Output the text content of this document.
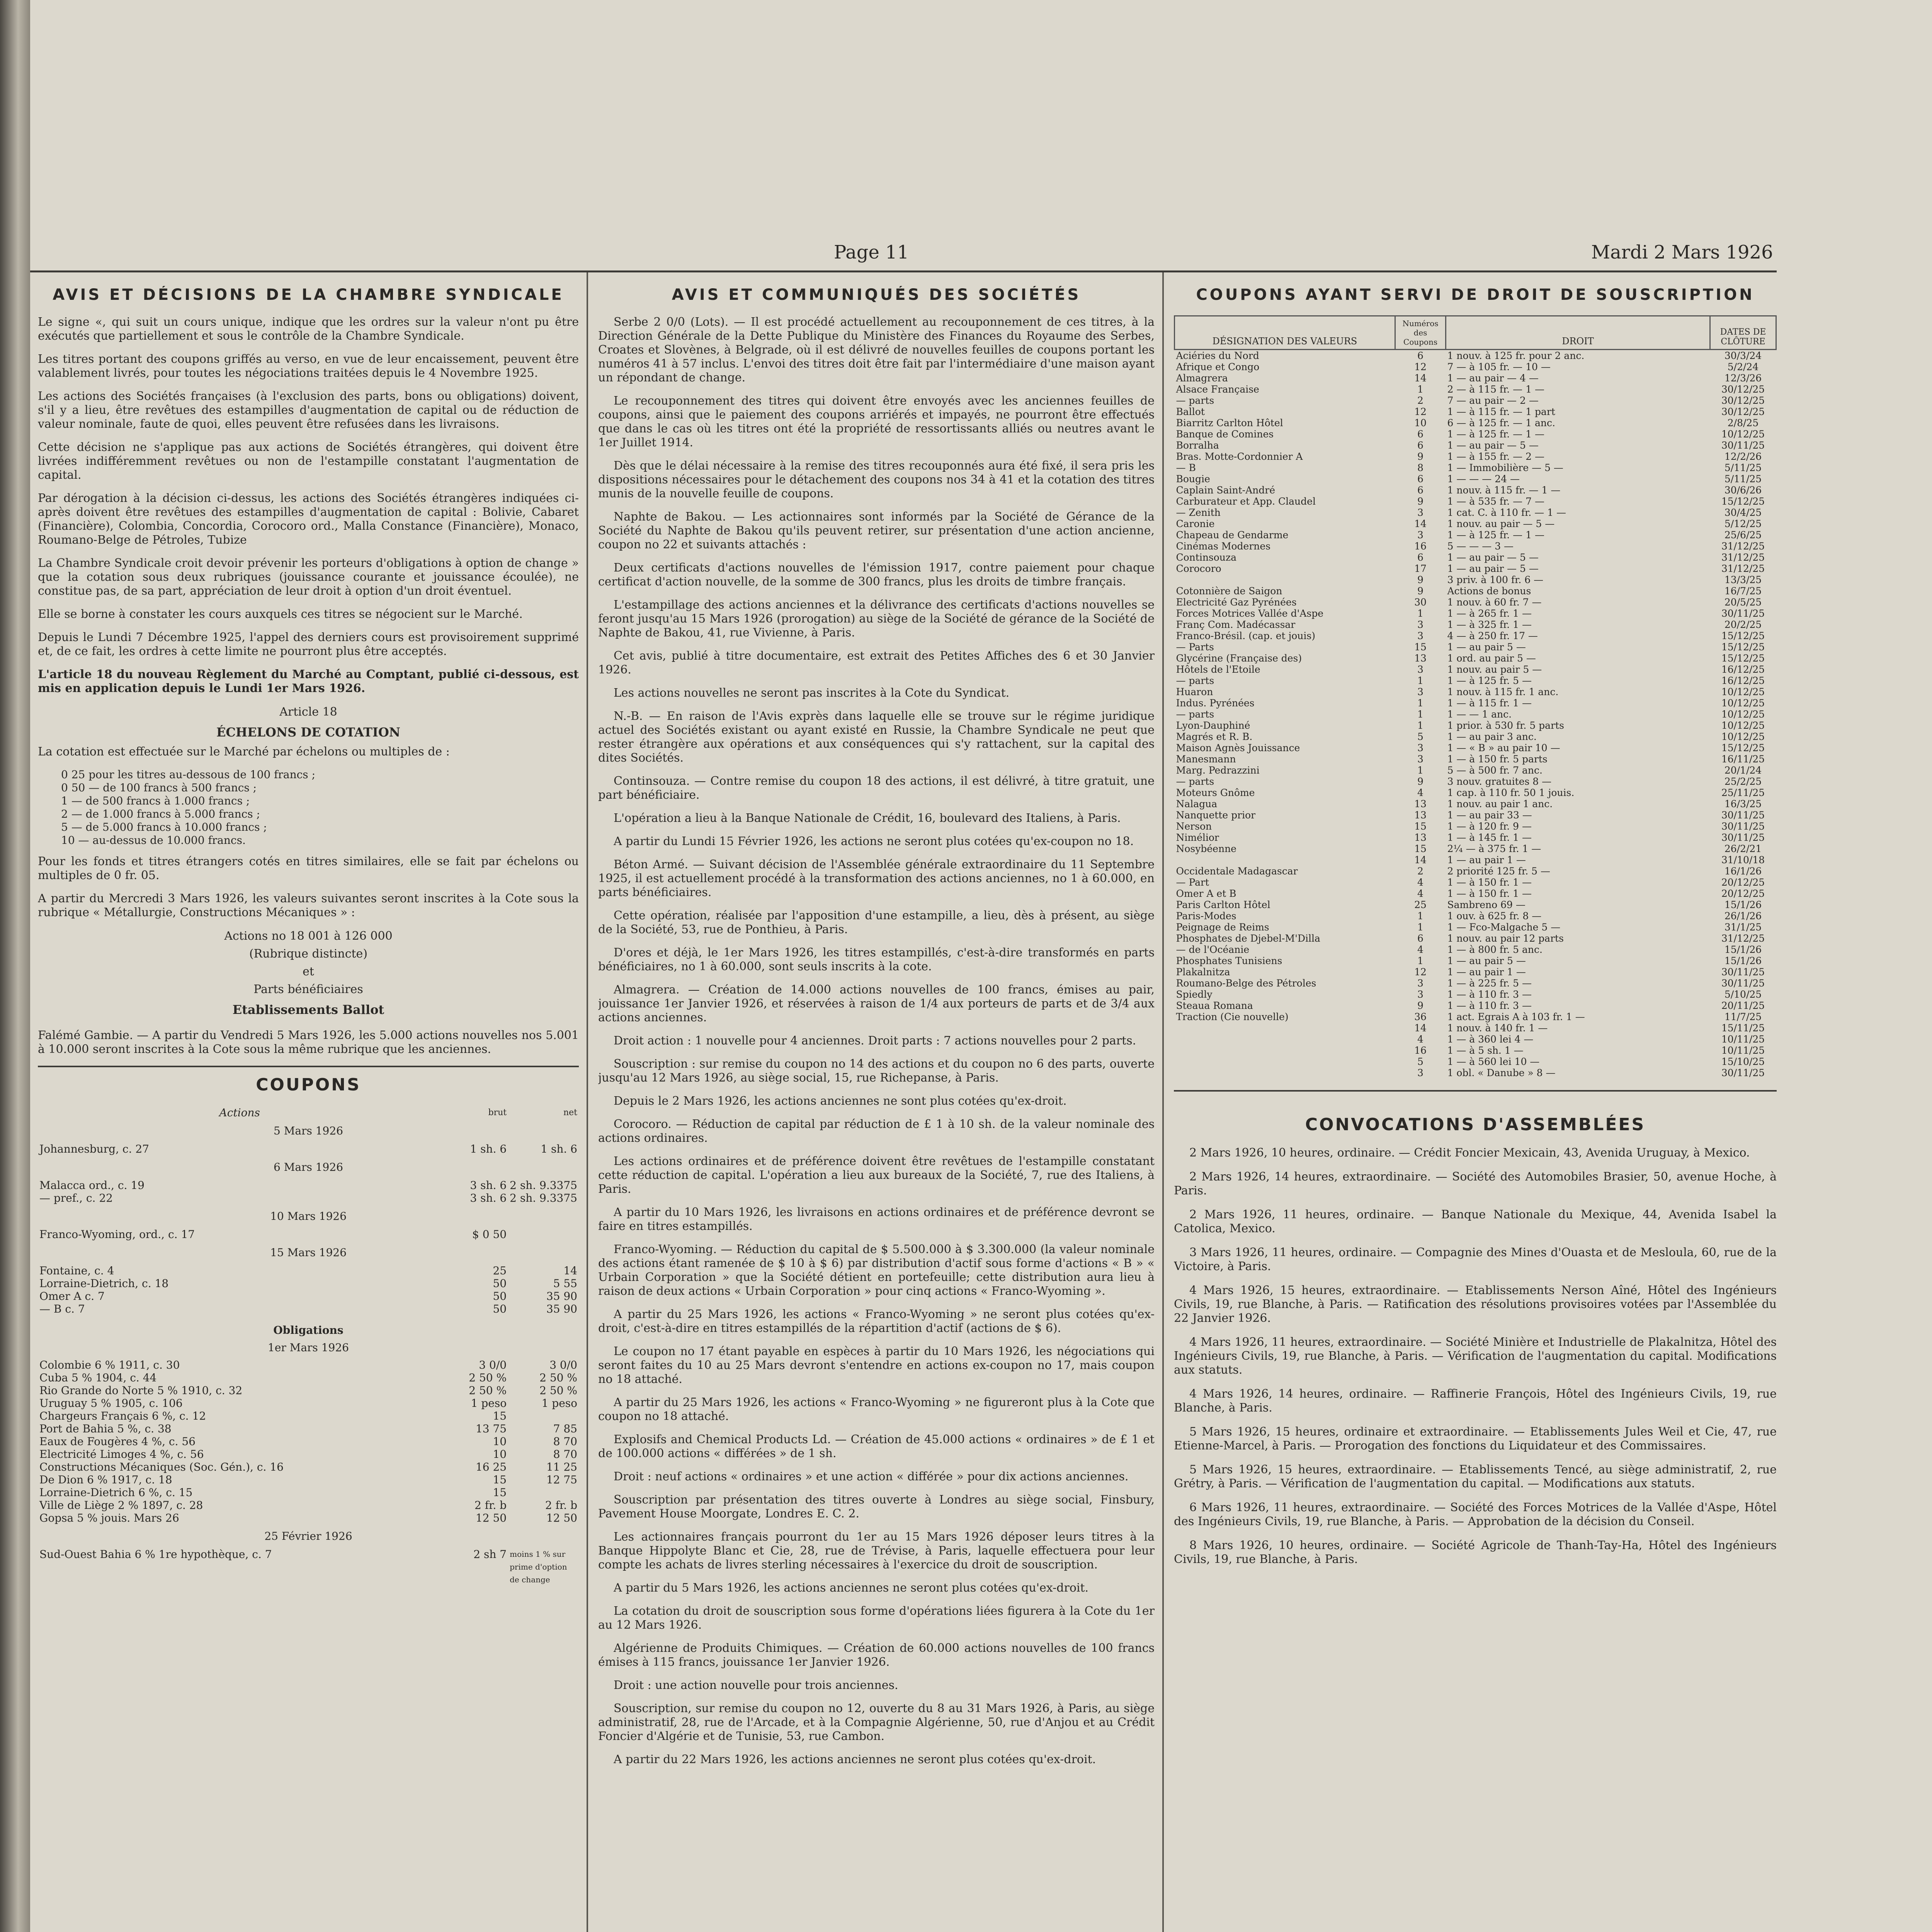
Page 11	Mardi 2 Mars 1926
AVIS ET DÉCISIONS DE LA CHAMBRE SYNDICALE

Le signe «, qui suit un cours unique, indique que les ordres sur la valeur n'ont pu être exécutés que partiellement et sous le contrôle de la Chambre Syndicale.

Les titres portant des coupons griffés au verso, en vue de leur encaissement, peuvent être valablement livrés, pour toutes les négociations traitées depuis le 4 Novembre 1925.

Les actions des Sociétés françaises (à l'exclusion des parts, bons ou obligations) doivent, s'il y a lieu, être revêtues des estampilles d'augmentation de capital ou de réduction de valeur nominale, faute de quoi, elles peuvent être refusées dans les livraisons.

Cette décision ne s'applique pas aux actions de Sociétés étrangères, qui doivent être livrées indifféremment revêtues ou non de l'estampille constatant l'augmentation de capital.

Par dérogation à la décision ci-dessus, les actions des Sociétés étrangères indiquées ci-après doivent être revêtues des estampilles d'augmentation de capital : Bolivie, Cabaret (Financière), Colombia, Concordia, Corocoro ord., Malla Constance (Financière), Monaco, Roumano-Belge de Pétroles, Tubize

La Chambre Syndicale croit devoir prévenir les porteurs d'obligations à option de change » que la cotation sous deux rubriques (jouissance courante et jouissance écoulée), ne constitue pas, de sa part, appréciation de leur droit à option d'un droit éventuel.

Elle se borne à constater les cours auxquels ces titres se négocient sur le Marché.

Depuis le Lundi 7 Décembre 1925, l'appel des derniers cours est provisoirement supprimé et, de ce fait, les ordres à cette limite ne pourront plus être acceptés.

L'article 18 du nouveau Règlement du Marché au Comptant, publié ci-dessous, est mis en application depuis le Lundi 1er Mars 1926.

Article 18
ÉCHELONS DE COTATION

La cotation est effectuée sur le Marché par échelons ou multiples de :

0 25 pour les titres au-dessous de 100 francs ;
0 50 — de 100 francs à 500 francs ;
1 — de 500 francs à 1.000 francs ;
2 — de 1.000 francs à 5.000 francs ;
5 — de 5.000 francs à 10.000 francs ;
10 — au-dessus de 10.000 francs.

Pour les fonds et titres étrangers cotés en titres similaires, elle se fait par échelons ou multiples de 0 fr. 05.

A partir du Mercredi 3 Mars 1926, les valeurs suivantes seront inscrites à la Cote sous la rubrique « Métallurgie, Constructions Mécaniques » :

Actions no 18 001 à 126 000
(Rubrique distincte)
et
Parts bénéficiaires
Etablissements Ballot

Falémé Gambie. — A partir du Vendredi 5 Mars 1926, les 5.000 actions nouvelles nos 5.001 à 10.000 seront inscrites à la Cote sous la même rubrique que les anciennes.

COUPONS
Actions	brut	net
5 Mars 1926		
Johannesburg, c. 27	1 sh. 6	1 sh. 6
6 Mars 1926		
Malacca ord., c. 19	3 sh. 6	2 sh. 9.3375
— pref., c. 22	3 sh. 6	2 sh. 9.3375
10 Mars 1926		
Franco-Wyoming, ord., c. 17	$ 0 50	
15 Mars 1926		
Fontaine, c. 4	25	14
Lorraine-Dietrich, c. 18	50	5 55
Omer A c. 7	50	35 90
— B c. 7	50	35 90
Obligations		
1er Mars 1926		
Colombie 6 % 1911, c. 30	3 0/0	3 0/0
Cuba 5 % 1904, c. 44	2 50 %	2 50 %
Rio Grande do Norte 5 % 1910, c. 32	2 50 %	2 50 %
Uruguay 5 % 1905, c. 106	1 peso	1 peso
Chargeurs Français 6 %, c. 12	15	
Port de Bahia 5 %, c. 38	13 75	7 85
Eaux de Fougères 4 %, c. 56	10	8 70
Electricité Limoges 4 %, c. 56	10	8 70
Constructions Mécaniques (Soc. Gén.), c. 16	16 25	11 25
De Dion 6 % 1917, c. 18	15	12 75
Lorraine-Dietrich 6 %, c. 15	15	
Ville de Liège 2 % 1897, c. 28	2 fr. b	2 fr. b
Gopsa 5 % jouis. Mars 26	12 50	12 50
25 Février 1926		
Sud-Ouest Bahia 6 % 1re hypothèque, c. 7	2 sh 7	moins 1 % sur prime d'option de change
AVIS ET COMMUNIQUÉS DES SOCIÉTÉS

Serbe 2 0/0 (Lots). — Il est procédé actuellement au recouponnement de ces titres, à la Direction Générale de la Dette Publique du Ministère des Finances du Royaume des Serbes, Croates et Slovènes, à Belgrade, où il est délivré de nouvelles feuilles de coupons portant les numéros 41 à 57 inclus. L'envoi des titres doit être fait par l'intermédiaire d'une maison ayant un répondant de change.

Le recouponnement des titres qui doivent être envoyés avec les anciennes feuilles de coupons, ainsi que le paiement des coupons arriérés et impayés, ne pourront être effectués que dans le cas où les titres ont été la propriété de ressortissants alliés ou neutres avant le 1er Juillet 1914.

Dès que le délai nécessaire à la remise des titres recouponnés aura été fixé, il sera pris les dispositions nécessaires pour le détachement des coupons nos 34 à 41 et la cotation des titres munis de la nouvelle feuille de coupons.

Naphte de Bakou. — Les actionnaires sont informés par la Société de Gérance de la Société du Naphte de Bakou qu'ils peuvent retirer, sur présentation d'une action ancienne, coupon no 22 et suivants attachés :

Deux certificats d'actions nouvelles de l'émission 1917, contre paiement pour chaque certificat d'action nouvelle, de la somme de 300 francs, plus les droits de timbre français.

L'estampillage des actions anciennes et la délivrance des certificats d'actions nouvelles se feront jusqu'au 15 Mars 1926 (prorogation) au siège de la Société de gérance de la Société de Naphte de Bakou, 41, rue Vivienne, à Paris.

Cet avis, publié à titre documentaire, est extrait des Petites Affiches des 6 et 30 Janvier 1926.

Les actions nouvelles ne seront pas inscrites à la Cote du Syndicat.

N.-B. — En raison de l'Avis exprès dans laquelle elle se trouve sur le régime juridique actuel des Sociétés existant ou ayant existé en Russie, la Chambre Syndicale ne peut que rester étrangère aux opérations et aux conséquences qui s'y rattachent, sur la capital des dites Sociétés.

Continsouza. — Contre remise du coupon 18 des actions, il est délivré, à titre gratuit, une part bénéficiaire.

L'opération a lieu à la Banque Nationale de Crédit, 16, boulevard des Italiens, à Paris.

A partir du Lundi 15 Février 1926, les actions ne seront plus cotées qu'ex-coupon no 18.

Béton Armé. — Suivant décision de l'Assemblée générale extraordinaire du 11 Septembre 1925, il est actuellement procédé à la transformation des actions anciennes, no 1 à 60.000, en parts bénéficiaires.

Cette opération, réalisée par l'apposition d'une estampille, a lieu, dès à présent, au siège de la Société, 53, rue de Ponthieu, à Paris.

D'ores et déjà, le 1er Mars 1926, les titres estampillés, c'est-à-dire transformés en parts bénéficiaires, no 1 à 60.000, sont seuls inscrits à la cote.

Almagrera. — Création de 14.000 actions nouvelles de 100 francs, émises au pair, jouissance 1er Janvier 1926, et réservées à raison de 1/4 aux porteurs de parts et de 3/4 aux actions anciennes.

Droit action : 1 nouvelle pour 4 anciennes. Droit parts : 7 actions nouvelles pour 2 parts.

Souscription : sur remise du coupon no 14 des actions et du coupon no 6 des parts, ouverte jusqu'au 12 Mars 1926, au siège social, 15, rue Richepanse, à Paris.

Depuis le 2 Mars 1926, les actions anciennes ne sont plus cotées qu'ex-droit.

Corocoro. — Réduction de capital par réduction de £ 1 à 10 sh. de la valeur nominale des actions ordinaires.

Les actions ordinaires et de préférence doivent être revêtues de l'estampille constatant cette réduction de capital. L'opération a lieu aux bureaux de la Société, 7, rue des Italiens, à Paris.

A partir du 10 Mars 1926, les livraisons en actions ordinaires et de préférence devront se faire en titres estampillés.

Franco-Wyoming. — Réduction du capital de $ 5.500.000 à $ 3.300.000 (la valeur nominale des actions étant ramenée de $ 10 à $ 6) par distribution d'actif sous forme d'actions « B » « Urbain Corporation » que la Société détient en portefeuille; cette distribution aura lieu à raison de deux actions « Urbain Corporation » pour cinq actions « Franco-Wyoming ».

A partir du 25 Mars 1926, les actions « Franco-Wyoming » ne seront plus cotées qu'ex-droit, c'est-à-dire en titres estampillés de la répartition d'actif (actions de $ 6).

Le coupon no 17 étant payable en espèces à partir du 10 Mars 1926, les négociations qui seront faites du 10 au 25 Mars devront s'entendre en actions ex-coupon no 17, mais coupon no 18 attaché.

A partir du 25 Mars 1926, les actions « Franco-Wyoming » ne figureront plus à la Cote que coupon no 18 attaché.

Explosifs and Chemical Products Ld. — Création de 45.000 actions « ordinaires » de £ 1 et de 100.000 actions « différées » de 1 sh.

Droit : neuf actions « ordinaires » et une action « différée » pour dix actions anciennes.

Souscription par présentation des titres ouverte à Londres au siège social, Finsbury, Pavement House Moorgate, Londres E. C. 2.

Les actionnaires français pourront du 1er au 15 Mars 1926 déposer leurs titres à la Banque Hippolyte Blanc et Cie, 28, rue de Trévise, à Paris, laquelle effectuera pour leur compte les achats de livres sterling nécessaires à l'exercice du droit de souscription.

A partir du 5 Mars 1926, les actions anciennes ne seront plus cotées qu'ex-droit.

La cotation du droit de souscription sous forme d'opérations liées figurera à la Cote du 1er au 12 Mars 1926.

Algérienne de Produits Chimiques. — Création de 60.000 actions nouvelles de 100 francs émises à 115 francs, jouissance 1er Janvier 1926.

Droit : une action nouvelle pour trois anciennes.

Souscription, sur remise du coupon no 12, ouverte du 8 au 31 Mars 1926, à Paris, au siège administratif, 28, rue de l'Arcade, et à la Compagnie Algérienne, 50, rue d'Anjou et au Crédit Foncier d'Algérie et de Tunisie, 53, rue Cambon.

A partir du 22 Mars 1926, les actions anciennes ne seront plus cotées qu'ex-droit.

COUPONS AYANT SERVI DE DROIT DE SOUSCRIPTION
DÉSIGNATION DES VALEURS	Numéros des Coupons	DROIT	DATES DE CLÔTURE
Aciéries du Nord	6	1 nouv. à 125 fr. pour 2 anc.	30/3/24
Afrique et Congo	12	7 — à 105 fr. — 10 —	5/2/24
Almagrera	14	1 — au pair — 4 —	12/3/26
Alsace Française	1	2 — à 115 fr. — 1 —	30/12/25
— parts	2	7 — au pair — 2 —	30/12/25
Ballot	12	1 — à 115 fr. — 1 part	30/12/25
Biarritz Carlton Hôtel	10	6 — à 125 fr. — 1 anc.	2/8/25
Banque de Comines	6	1 — à 125 fr. — 1 —	10/12/25
Borralha	6	1 — au pair — 5 —	30/11/25
Bras. Motte-Cordonnier A	9	1 — à 155 fr. — 2 —	12/2/26
— B	8	1 — Immobilière — 5 —	5/11/25
Bougie	6	1 — — — 24 —	5/11/25
Caplain Saint-André	6	1 nouv. à 115 fr. — 1 —	30/6/26
Carburateur et App. Claudel	9	1 — à 535 fr. — 7 —	15/12/25
— Zenith	3	1 cat. C. à 110 fr. — 1 —	30/4/25
Caronie	14	1 nouv. au pair — 5 —	5/12/25
Chapeau de Gendarme	3	1 — à 125 fr. — 1 —	25/6/25
Cinémas Modernes	16	5 — — — 3 —	31/12/25
Continsouza	6	1 — au pair — 5 —	31/12/25
Corocoro	17	1 — au pair — 5 —	31/12/25
	9	3 priv. à 100 fr. 6 —	13/3/25
Cotonnière de Saigon	9	Actions de bonus	16/7/25
Electricité Gaz Pyrénées	30	1 nouv. à 60 fr. 7 —	20/5/25
Forces Motrices Vallée d'Aspe	1	1 — à 265 fr. 1 —	30/11/25
Franç Com. Madécassar	3	1 — à 325 fr. 1 —	20/2/25
Franco-Brésil. (cap. et jouis)	3	4 — à 250 fr. 17 —	15/12/25
— Parts	15	1 — au pair 5 —	15/12/25
Glycérine (Française des)	13	1 ord. au pair 5 —	15/12/25
Hôtels de l'Etoile	3	1 nouv. au pair 5 —	16/12/25
— parts	1	1 — à 125 fr. 5 —	16/12/25
Huaron	3	1 nouv. à 115 fr. 1 anc.	10/12/25
Indus. Pyrénées	1	1 — à 115 fr. 1 —	10/12/25
— parts	1	1 — — 1 anc.	10/12/25
Lyon-Dauphiné	1	1 prior. à 530 fr. 5 parts	10/12/25
Magrés et R. B.	5	1 — au pair 3 anc.	10/12/25
Maison Agnès Jouissance	3	1 — « B » au pair 10 —	15/12/25
Manesmann	3	1 — à 150 fr. 5 parts	16/11/25
Marg. Pedrazzini	1	5 — à 500 fr. 7 anc.	20/1/24
— parts	9	3 nouv. gratuites 8 —	25/2/25
Moteurs Gnôme	4	1 cap. à 110 fr. 50 1 jouis.	25/11/25
Nalagua	13	1 nouv. au pair 1 anc.	16/3/25
Nanquette prior	13	1 — au pair 33 —	30/11/25
Nerson	15	1 — à 120 fr. 9 —	30/11/25
Nimélior	13	1 — à 145 fr. 1 —	30/11/25
Nosybéenne	15	2¼ — à 375 fr. 1 —	26/2/21
	14	1 — au pair 1 —	31/10/18
Occidentale Madagascar	2	2 priorité 125 fr. 5 —	16/1/26
— Part	4	1 — à 150 fr. 1 —	20/12/25
Omer A et B	4	1 — à 150 fr. 1 —	20/12/25
Paris Carlton Hôtel	25	Sambreno 69 —	15/1/26
Paris-Modes	1	1 ouv. à 625 fr. 8 —	26/1/26
Peignage de Reims	1	1 — Fco-Malgache 5 —	31/1/25
Phosphates de Djebel-M'Dilla	6	1 nouv. au pair 12 parts	31/12/25
— de l'Océanie	4	1 — à 800 fr. 5 anc.	15/1/26
Phosphates Tunisiens	1	1 — au pair 5 —	15/1/26
Plakalnitza	12	1 — au pair 1 —	30/11/25
Roumano-Belge des Pétroles	3	1 — à 225 fr. 5 —	30/11/25
Spiedly	3	1 — à 110 fr. 3 —	5/10/25
Steaua Romana	9	1 — à 110 fr. 3 —	20/11/25
Traction (Cie nouvelle)	36	1 act. Egrais A à 103 fr. 1 —	11/7/25
	14	1 nouv. à 140 fr. 1 —	15/11/25
	4	1 — à 360 lei 4 —	10/11/25
	16	1 — à 5 sh. 1 —	10/11/25
	5	1 — à 560 lei 10 —	15/10/25
	3	1 obl. « Danube » 8 —	30/11/25
CONVOCATIONS D'ASSEMBLÉES

2 Mars 1926, 10 heures, ordinaire. — Crédit Foncier Mexicain, 43, Avenida Uruguay, à Mexico.

2 Mars 1926, 14 heures, extraordinaire. — Société des Automobiles Brasier, 50, avenue Hoche, à Paris.

2 Mars 1926, 11 heures, ordinaire. — Banque Nationale du Mexique, 44, Avenida Isabel la Catolica, Mexico.

3 Mars 1926, 11 heures, ordinaire. — Compagnie des Mines d'Ouasta et de Mesloula, 60, rue de la Victoire, à Paris.

4 Mars 1926, 15 heures, extraordinaire. — Etablissements Nerson Aîné, Hôtel des Ingénieurs Civils, 19, rue Blanche, à Paris. — Ratification des résolutions provisoires votées par l'Assemblée du 22 Janvier 1926.

4 Mars 1926, 11 heures, extraordinaire. — Société Minière et Industrielle de Plakalnitza, Hôtel des Ingénieurs Civils, 19, rue Blanche, à Paris. — Vérification de l'augmentation du capital. Modifications aux statuts.

4 Mars 1926, 14 heures, ordinaire. — Raffinerie François, Hôtel des Ingénieurs Civils, 19, rue Blanche, à Paris.

5 Mars 1926, 15 heures, ordinaire et extraordinaire. — Etablissements Jules Weil et Cie, 47, rue Etienne-Marcel, à Paris. — Prorogation des fonctions du Liquidateur et des Commissaires.

5 Mars 1926, 15 heures, extraordinaire. — Etablissements Tencé, au siège administratif, 2, rue Grétry, à Paris. — Vérification de l'augmentation du capital. — Modifications aux statuts.

6 Mars 1926, 11 heures, extraordinaire. — Société des Forces Motrices de la Vallée d'Aspe, Hôtel des Ingénieurs Civils, 19, rue Blanche, à Paris. — Approbation de la décision du Conseil.

8 Mars 1926, 10 heures, ordinaire. — Société Agricole de Thanh-Tay-Ha, Hôtel des Ingénieurs Civils, 19, rue Blanche, à Paris.
